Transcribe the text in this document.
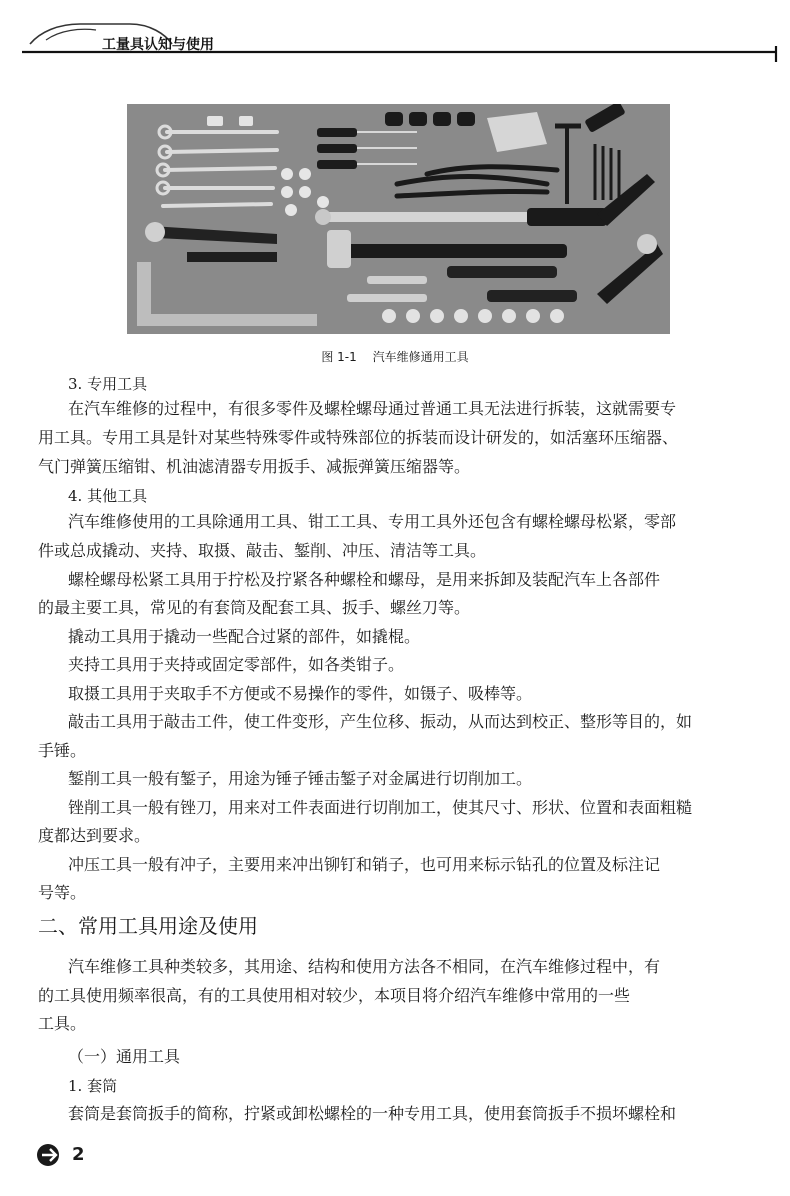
工量具认知与使用
图 1-1 汽车维修通用工具
3. 专用工具
在汽车维修的过程中，有很多零件及螺栓螺母通过普通工具无法进行拆装，这就需要专
用工具。专用工具是针对某些特殊零件或特殊部位的拆装而设计研发的，如活塞环压缩器、
气门弹簧压缩钳、机油滤清器专用扳手、减振弹簧压缩器等。
4. 其他工具
汽车维修使用的工具除通用工具、钳工工具、专用工具外还包含有螺栓螺母松紧，零部
件或总成撬动、夹持、取摄、敲击、錾削、冲压、清洁等工具。
螺栓螺母松紧工具用于拧松及拧紧各种螺栓和螺母，是用来拆卸及装配汽车上各部件
的最主要工具，常见的有套筒及配套工具、扳手、螺丝刀等。
撬动工具用于撬动一些配合过紧的部件，如撬棍。
夹持工具用于夹持或固定零部件，如各类钳子。
取摄工具用于夹取手不方便或不易操作的零件，如镊子、吸棒等。
敲击工具用于敲击工件，使工件变形，产生位移、振动，从而达到校正、整形等目的，如
手锤。
錾削工具一般有錾子，用途为锤子锤击錾子对金属进行切削加工。
锉削工具一般有锉刀，用来对工件表面进行切削加工，使其尺寸、形状、位置和表面粗糙
度都达到要求。
冲压工具一般有冲子，主要用来冲出铆钉和销子，也可用来标示钻孔的位置及标注记
号等。
二、常用工具用途及使用
汽车维修工具种类较多，其用途、结构和使用方法各不相同，在汽车维修过程中，有
的工具使用频率很高，有的工具使用相对较少，本项目将介绍汽车维修中常用的一些
工具。
（一）通用工具
1. 套筒
套筒是套筒扳手的简称，拧紧或卸松螺栓的一种专用工具，使用套筒扳手不损坏螺栓和
2
